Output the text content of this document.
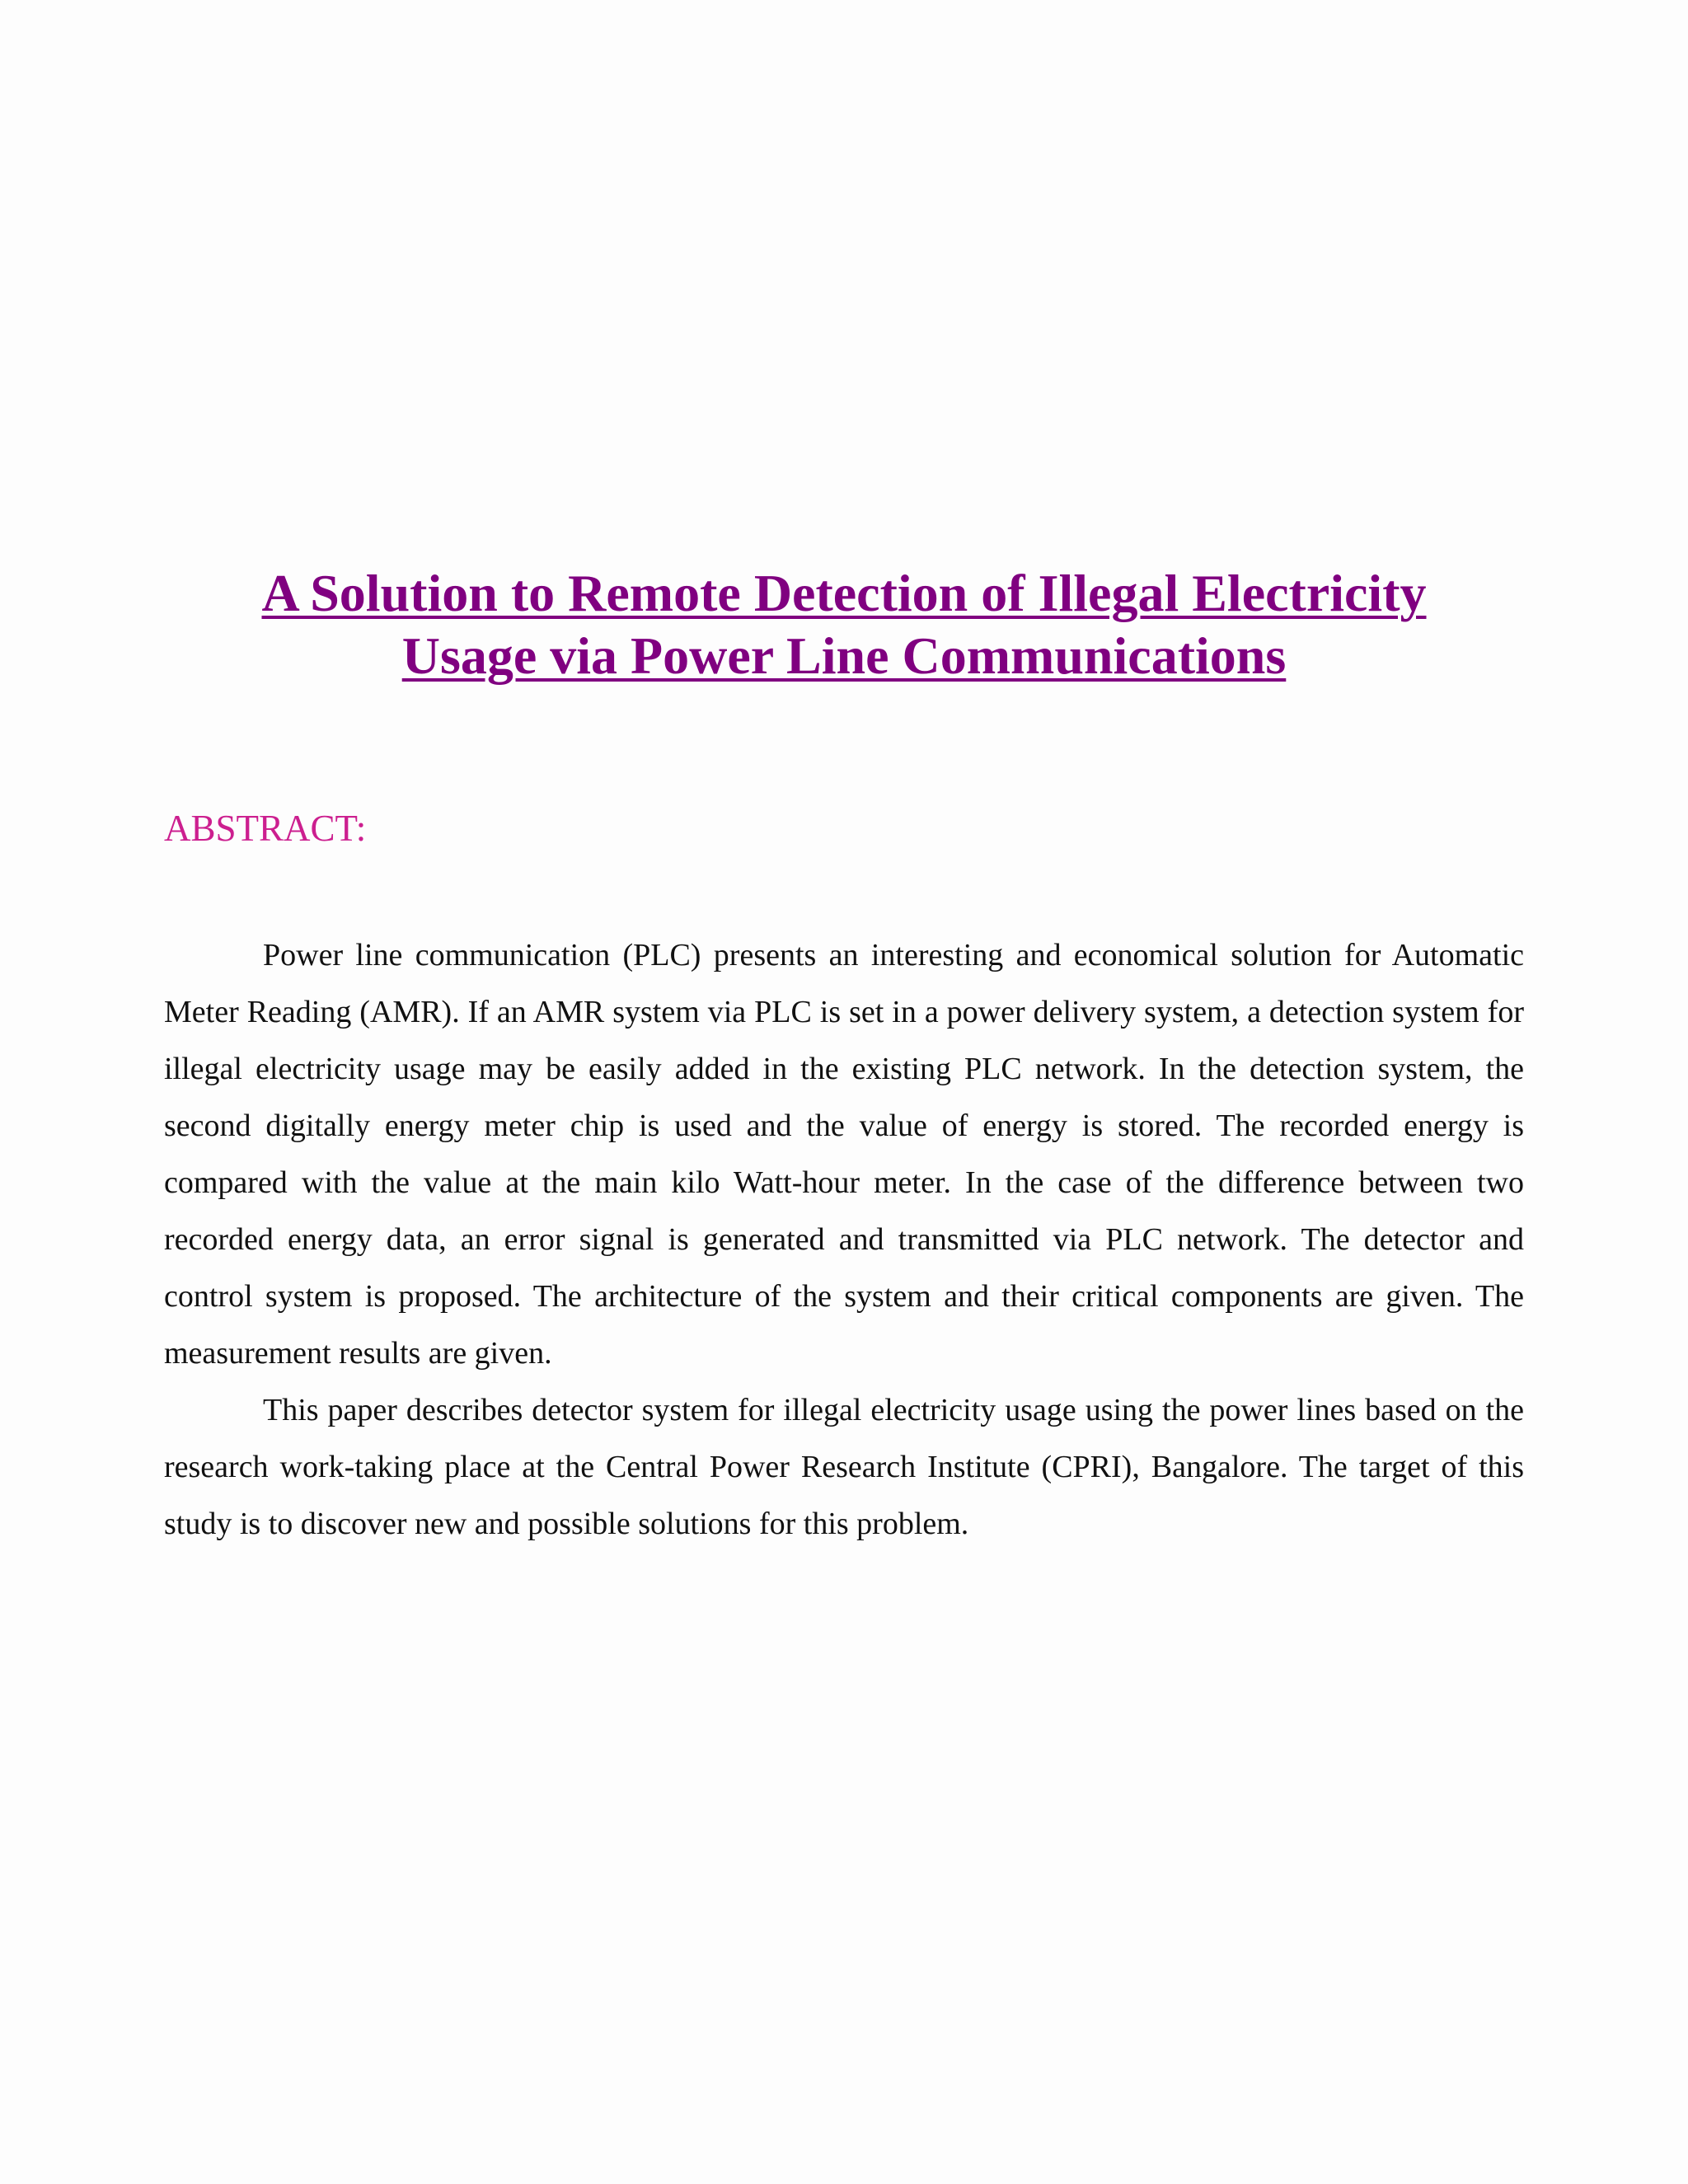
A Solution to Remote Detection of Illegal Electricity
Usage via Power Line Communications
ABSTRACT:

Power line communication (PLC) presents an interesting and economical solution for Automatic Meter Reading (AMR). If an AMR system via PLC is set in a power delivery system, a detection system for illegal electricity usage may be easily added in the existing PLC network. In the detection system, the second digitally energy meter chip is used and the value of energy is stored. The recorded energy is compared with the value at the main kilo Watt-hour meter. In the case of the difference between two recorded energy data, an error signal is generated and transmitted via PLC network. The detector and control system is proposed. The architecture of the system and their critical components are given. The measurement results are given.

This paper describes detector system for illegal electricity usage using the power lines based on the research work-taking place at the Central Power Research Institute (CPRI), Bangalore. The target of this study is to discover new and possible solutions for this problem.
